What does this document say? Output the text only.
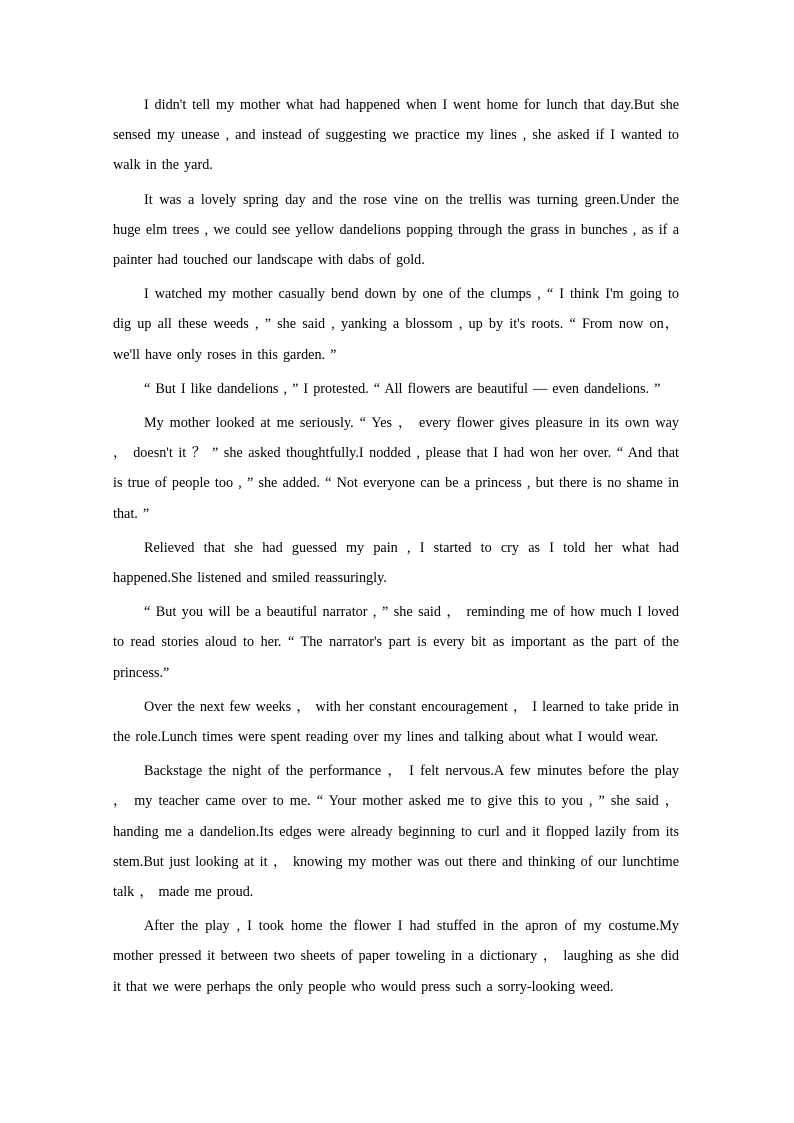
I didn't tell my mother what had happened when I went home for lunch that day.But she sensed my unease , and instead of suggesting we practice my lines , she asked if I wanted to walk in the yard.

It was a lovely spring day and the rose vine on the trellis was turning green.Under the huge elm trees , we could see yellow dandelions popping through the grass in bunches , as if a painter had touched our landscape with dabs of gold.

I watched my mother casually bend down by one of the clumps , “ I think I'm going to dig up all these weeds , ” she said , yanking a blossom , up by it's roots. “ From now on， we'll have only roses in this garden. ”

“ But I like dandelions , ” I protested. “ All flowers are beautiful — even dandelions. ”

My mother looked at me seriously. “ Yes ， every flower gives pleasure in its own way ， doesn't it ？ ” she asked thoughtfully.I nodded , please that I had won her over. “ And that is true of people too , ” she added. “ Not everyone can be a princess , but there is no shame in that. ”

Relieved that she had guessed my pain , I started to cry as I told her what had happened.She listened and smiled reassuringly.

“ But you will be a beautiful narrator , ” she said ， reminding me of how much I loved to read stories aloud to her. “ The narrator's part is every bit as important as the part of the princess.”

Over the next few weeks ， with her constant encouragement ， I learned to take pride in the role.Lunch times were spent reading over my lines and talking about what I would wear.

Backstage the night of the performance ， I felt nervous.A few minutes before the play ， my teacher came over to me. “ Your mother asked me to give this to you , ” she said ， handing me a dandelion.Its edges were already beginning to curl and it flopped lazily from its stem.But just looking at it ， knowing my mother was out there and thinking of our lunchtime talk ， made me proud.

After the play , I took home the flower I had stuffed in the apron of my costume.My mother pressed it between two sheets of paper toweling in a dictionary ， laughing as she did it that we were perhaps the only people who would press such a sorry-looking weed.
